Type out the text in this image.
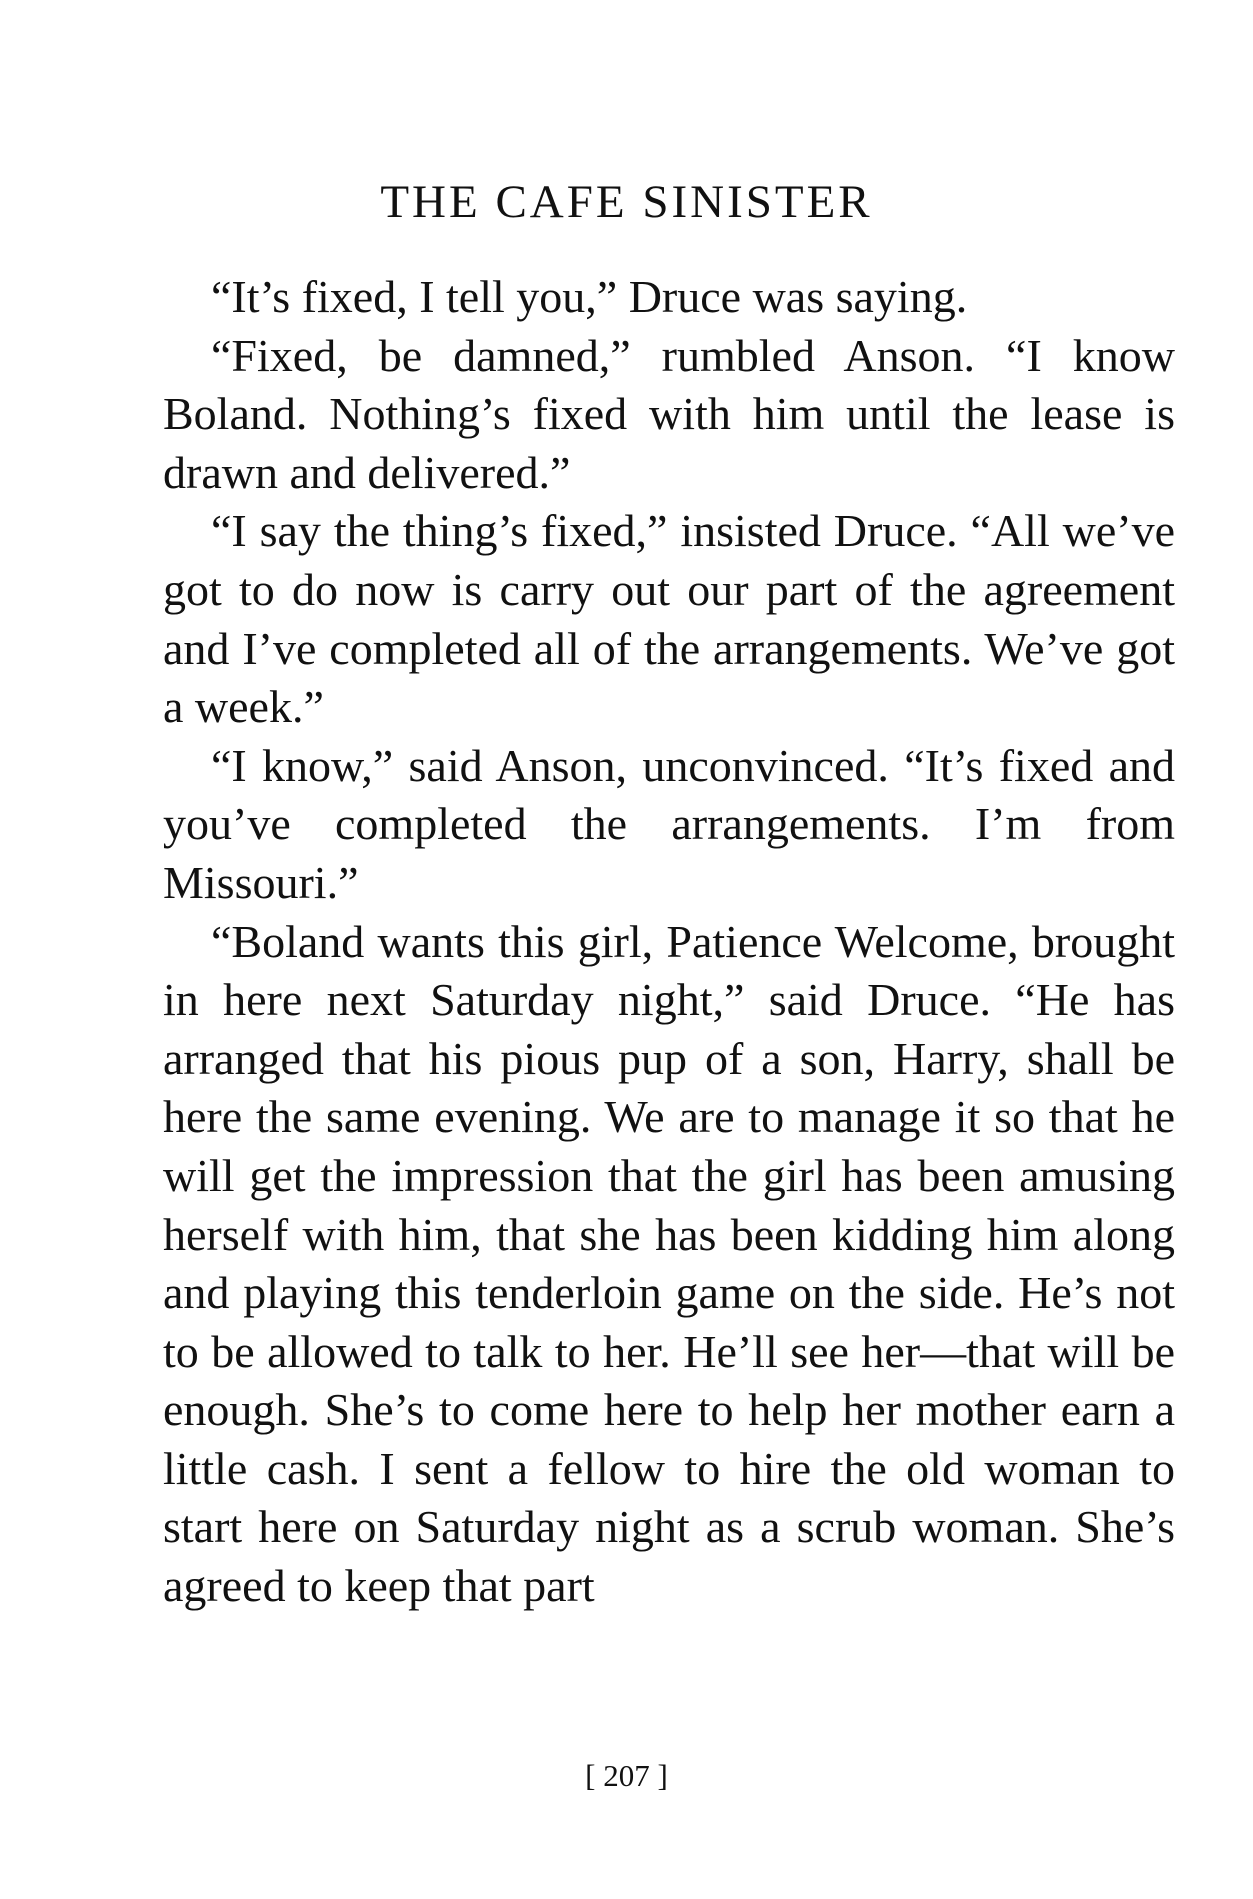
THE CAFE SINISTER

“It’s fixed, I tell you,” Druce was saying.

“Fixed, be damned,” rumbled Anson. “I know Boland. Nothing’s fixed with him until the lease is drawn and delivered.”

“I say the thing’s fixed,” insisted Druce. “All we’ve got to do now is carry out our part of the agreement and I’ve completed all of the arrangements. We’ve got a week.”

“I know,” said Anson, unconvinced. “It’s fixed and you’ve completed the arrangements. I’m from Missouri.”

“Boland wants this girl, Patience Welcome, brought in here next Saturday night,” said Druce. “He has arranged that his pious pup of a son, Harry, shall be here the same evening. We are to manage it so that he will get the impression that the girl has been amusing herself with him, that she has been kidding him along and playing this tenderloin game on the side. He’s not to be allowed to talk to her. He’ll see her—that will be enough. She’s to come here to help her mother earn a little cash. I sent a fellow to hire the old woman to start here on Saturday night as a scrub woman. She’s agreed to keep that part

[ 207 ]
